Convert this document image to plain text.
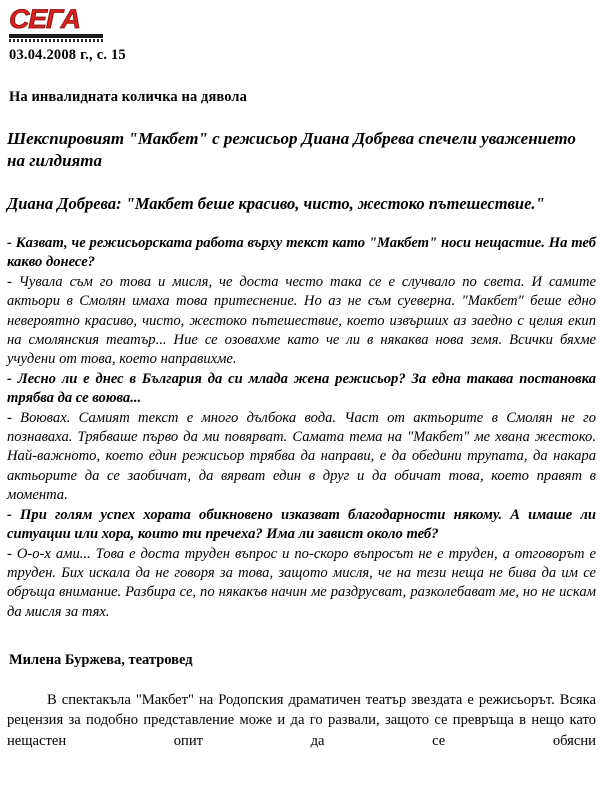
СЕГА
03.04.2008 г., с. 15
На инвалидната количка на дявола
Шекспировият "Макбет" с режисьор Диана Добрева спечели уважението на гилдията
Диана Добрева: "Макбет беше красиво, чисто, жестоко пътешествие."

- Казват, че режисьорската работа върху текст като "Макбет" носи нещастие. На теб какво донесе?

- Чувала съм го това и мисля, че доста често така се е случвало по света. И самите актьори в Смолян имаха това притеснение. Но аз не съм суеверна. "Макбет" беше едно невероятно красиво, чисто, жестоко пътешествие, което извърших аз заедно с целия екип на смолянския театър... Ние се озовахме като че ли в някаква нова земя. Всички бяхме учудени от това, което направихме.

- Лесно ли е днес в България да си млада жена режисьор? За една такава постановка трябва да се воюва...

- Воювах. Самият текст е много дълбока вода. Част от актьорите в Смолян не го познаваха. Трябваше първо да ми повярват. Самата тема на "Макбет" ме хвана жестоко. Най-важното, което един режисьор трябва да направи, е да обедини трупата, да накара актьорите да се заобичат, да вярват един в друг и да обичат това, което правят в момента.

- При голям успех хората обикновено изказват благодарности някому. А имаше ли ситуации или хора, които ти пречеха? Има ли завист около теб?

- О-о-х ами... Това е доста труден въпрос и по-скоро въпросът не е труден, а отговорът е труден. Бих искала да не говоря за това, защото мисля, че на тези неща не бива да им се обръща внимание. Разбира се, по някакъв начин ме раздрусват, разколебават ме, но не искам да мисля за тях.

Милена Буржева, театровед
В спектакъла "Макбет" на Родопския драматичен театър звездата е режисьорът. Всяка рецензия за подобно представление може и да го развали, защото се превръща в нещо като нещастен опит да се обясни
